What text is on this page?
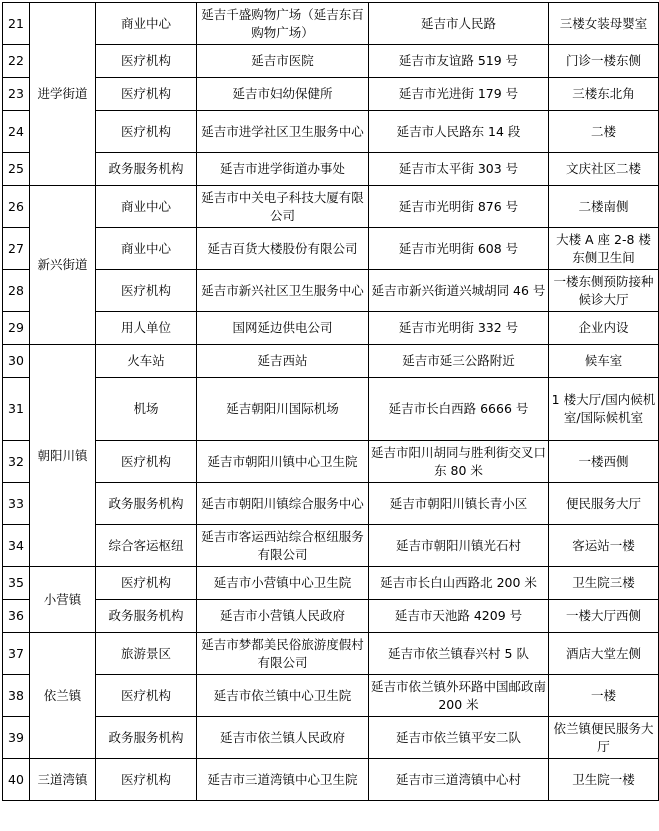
21	进学街道	商业中心	延吉千盛购物广场（延吉东百购物广场）	延吉市人民路	三楼女装母婴室
22		医疗机构	延吉市医院	延吉市友谊路 519 号	门诊一楼东侧
23		医疗机构	延吉市妇幼保健所	延吉市光进街 179 号	三楼东北角
24		医疗机构	延吉市进学社区卫生服务中心	延吉市人民路东 14 段	二楼
25		政务服务机构	延吉市进学街道办事处	延吉市太平街 303 号	文庆社区二楼
26	新兴街道	商业中心	延吉市中关电子科技大厦有限公司	延吉市光明街 876 号	二楼南侧
27		商业中心	延吉百货大楼股份有限公司	延吉市光明街 608 号	大楼 A 座 2-8 楼东侧卫生间
28		医疗机构	延吉市新兴社区卫生服务中心	延吉市新兴街道兴城胡同 46 号	一楼东侧预防接种候诊大厅
29		用人单位	国网延边供电公司	延吉市光明街 332 号	企业内设
30	朝阳川镇	火车站	延吉西站	延吉市延三公路附近	候车室
31		机场	延吉朝阳川国际机场	延吉市长白西路 6666 号	1 楼大厅/国内候机室/国际候机室
32		医疗机构	延吉市朝阳川镇中心卫生院	延吉市阳川胡同与胜利街交叉口东 80 米	一楼西侧
33		政务服务机构	延吉市朝阳川镇综合服务中心	延吉市朝阳川镇长青小区	便民服务大厅
34		综合客运枢纽	延吉市客运西站综合枢纽服务有限公司	延吉市朝阳川镇光石村	客运站一楼
35	小营镇	医疗机构	延吉市小营镇中心卫生院	延吉市长白山西路北 200 米	卫生院三楼
36		政务服务机构	延吉市小营镇人民政府	延吉市天池路 4209 号	一楼大厅西侧
37	依兰镇	旅游景区	延吉市梦都美民俗旅游度假村有限公司	延吉市依兰镇春兴村 5 队	酒店大堂左侧
38		医疗机构	延吉市依兰镇中心卫生院	延吉市依兰镇外环路中国邮政南 200 米	一楼
39		政务服务机构	延吉市依兰镇人民政府	延吉市依兰镇平安二队	依兰镇便民服务大厅
40	三道湾镇	医疗机构	延吉市三道湾镇中心卫生院	延吉市三道湾镇中心村	卫生院一楼
